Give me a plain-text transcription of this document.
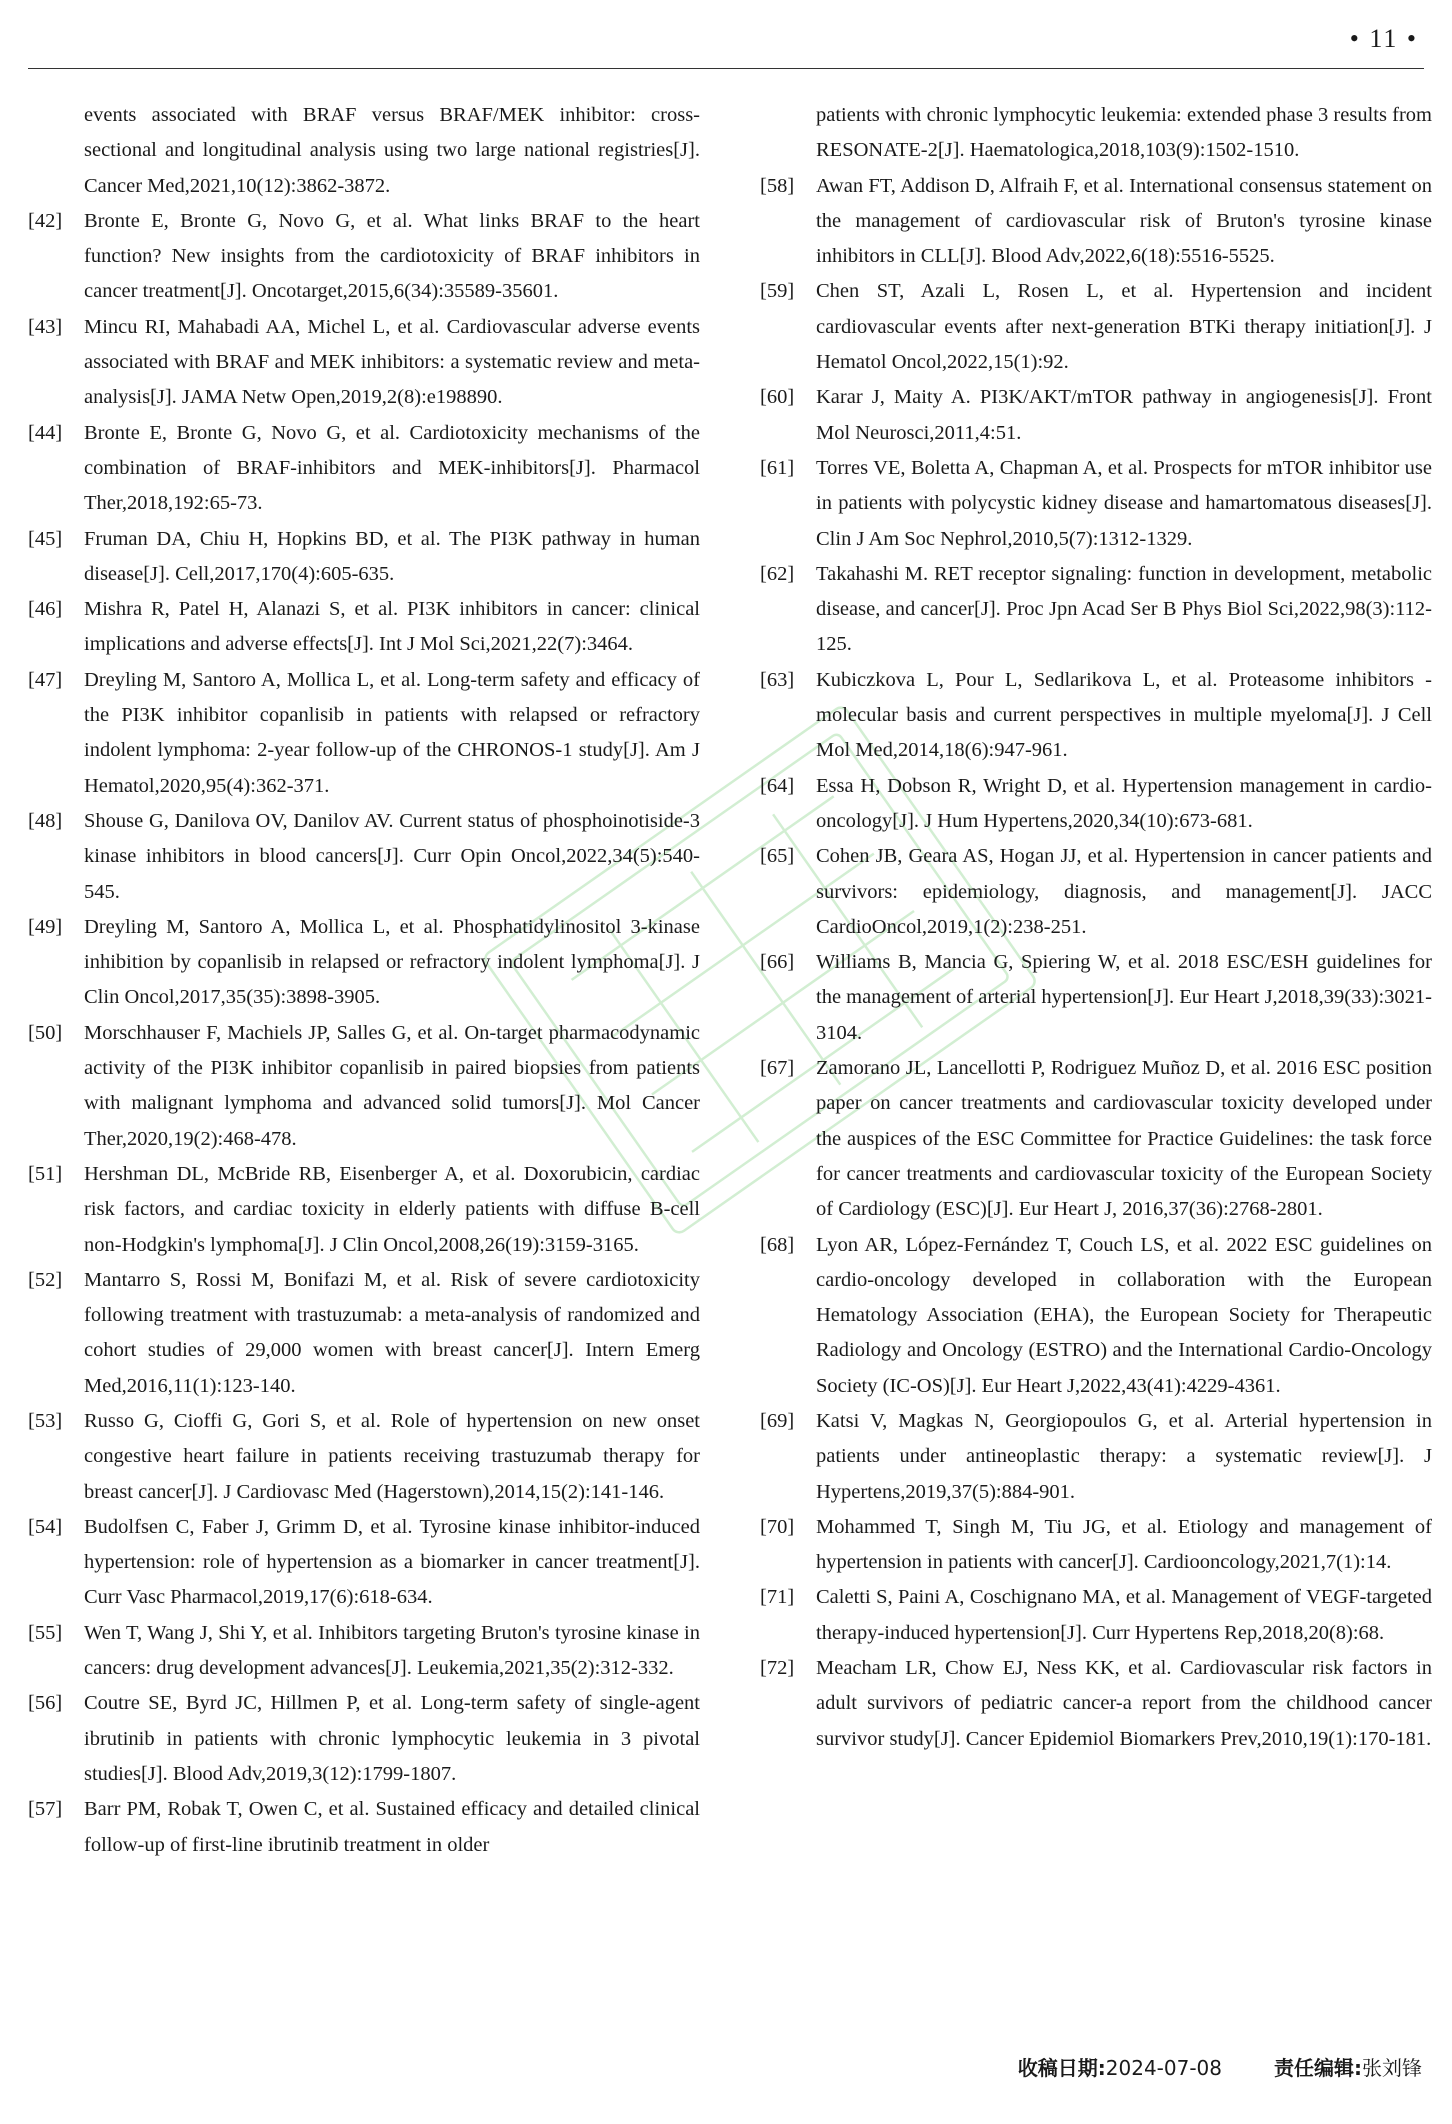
• 11 •
events associated with BRAF versus BRAF/MEK inhibitor: cross-sectional and longitudinal analysis using two large national registries[J]. Cancer Med,2021,10(12):3862-3872.
[42]	Bronte E, Bronte G, Novo G, et al. What links BRAF to the heart function? New insights from the cardiotoxicity of BRAF inhibitors in cancer treatment[J]. Oncotarget,2015,6(34):35589-35601.
[43]	Mincu RI, Mahabadi AA, Michel L, et al. Cardiovascular adverse events associated with BRAF and MEK inhibitors: a systematic review and meta-analysis[J]. JAMA Netw Open,2019,2(8):e198890.
[44]	Bronte E, Bronte G, Novo G, et al. Cardiotoxicity mechanisms of the combination of BRAF-inhibitors and MEK-inhibitors[J]. Pharmacol Ther,2018,192:65-73.
[45]	Fruman DA, Chiu H, Hopkins BD, et al. The PI3K pathway in human disease[J]. Cell,2017,170(4):605-635.
[46]	Mishra R, Patel H, Alanazi S, et al. PI3K inhibitors in cancer: clinical implications and adverse effects[J]. Int J Mol Sci,2021,22(7):3464.
[47]	Dreyling M, Santoro A, Mollica L, et al. Long-term safety and efficacy of the PI3K inhibitor copanlisib in patients with relapsed or refractory indolent lymphoma: 2-year follow-up of the CHRONOS-1 study[J]. Am J Hematol,2020,95(4):362-371.
[48]	Shouse G, Danilova OV, Danilov AV. Current status of phosphoinotiside-3 kinase inhibitors in blood cancers[J]. Curr Opin Oncol,2022,34(5):540-545.
[49]	Dreyling M, Santoro A, Mollica L, et al. Phosphatidylinositol 3-kinase inhibition by copanlisib in relapsed or refractory indolent lymphoma[J]. J Clin Oncol,2017,35(35):3898-3905.
[50]	Morschhauser F, Machiels JP, Salles G, et al. On-target pharmacodynamic activity of the PI3K inhibitor copanlisib in paired biopsies from patients with malignant lymphoma and advanced solid tumors[J]. Mol Cancer Ther,2020,19(2):468-478.
[51]	Hershman DL, McBride RB, Eisenberger A, et al. Doxorubicin, cardiac risk factors, and cardiac toxicity in elderly patients with diffuse B-cell non-Hodgkin's lymphoma[J]. J Clin Oncol,2008,26(19):3159-3165.
[52]	Mantarro S, Rossi M, Bonifazi M, et al. Risk of severe cardiotoxicity following treatment with trastuzumab: a meta-analysis of randomized and cohort studies of 29,000 women with breast cancer[J]. Intern Emerg Med,2016,11(1):123-140.
[53]	Russo G, Cioffi G, Gori S, et al. Role of hypertension on new onset congestive heart failure in patients receiving trastuzumab therapy for breast cancer[J]. J Cardiovasc Med (Hagerstown),2014,15(2):141-146.
[54]	Budolfsen C, Faber J, Grimm D, et al. Tyrosine kinase inhibitor-induced hypertension: role of hypertension as a biomarker in cancer treatment[J]. Curr Vasc Pharmacol,2019,17(6):618-634.
[55]	Wen T, Wang J, Shi Y, et al. Inhibitors targeting Bruton's tyrosine kinase in cancers: drug development advances[J]. Leukemia,2021,35(2):312-332.
[56]	Coutre SE, Byrd JC, Hillmen P, et al. Long-term safety of single-agent ibrutinib in patients with chronic lymphocytic leukemia in 3 pivotal studies[J]. Blood Adv,2019,3(12):1799-1807.
[57]	Barr PM, Robak T, Owen C, et al. Sustained efficacy and detailed clinical follow-up of first-line ibrutinib treatment in older
patients with chronic lymphocytic leukemia: extended phase 3 results from RESONATE-2[J]. Haematologica,2018,103(9):1502-1510.
[58]	Awan FT, Addison D, Alfraih F, et al. International consensus statement on the management of cardiovascular risk of Bruton's tyrosine kinase inhibitors in CLL[J]. Blood Adv,2022,6(18):5516-5525.
[59]	Chen ST, Azali L, Rosen L, et al. Hypertension and incident cardiovascular events after next-generation BTKi therapy initiation[J]. J Hematol Oncol,2022,15(1):92.
[60]	Karar J, Maity A. PI3K/AKT/mTOR pathway in angiogenesis[J]. Front Mol Neurosci,2011,4:51.
[61]	Torres VE, Boletta A, Chapman A, et al. Prospects for mTOR inhibitor use in patients with polycystic kidney disease and hamartomatous diseases[J]. Clin J Am Soc Nephrol,2010,5(7):1312-1329.
[62]	Takahashi M. RET receptor signaling: function in development, metabolic disease, and cancer[J]. Proc Jpn Acad Ser B Phys Biol Sci,2022,98(3):112-125.
[63]	Kubiczkova L, Pour L, Sedlarikova L, et al. Proteasome inhibitors - molecular basis and current perspectives in multiple myeloma[J]. J Cell Mol Med,2014,18(6):947-961.
[64]	Essa H, Dobson R, Wright D, et al. Hypertension management in cardio-oncology[J]. J Hum Hypertens,2020,34(10):673-681.
[65]	Cohen JB, Geara AS, Hogan JJ, et al. Hypertension in cancer patients and survivors: epidemiology, diagnosis, and management[J]. JACC CardioOncol,2019,1(2):238-251.
[66]	Williams B, Mancia G, Spiering W, et al. 2018 ESC/ESH guidelines for the management of arterial hypertension[J]. Eur Heart J,2018,39(33):3021-3104.
[67]	Zamorano JL, Lancellotti P, Rodriguez Muñoz D, et al. 2016 ESC position paper on cancer treatments and cardiovascular toxicity developed under the auspices of the ESC Committee for Practice Guidelines: the task force for cancer treatments and cardiovascular toxicity of the European Society of Cardiology (ESC)[J]. Eur Heart J, 2016,37(36):2768-2801.
[68]	Lyon AR, López-Fernández T, Couch LS, et al. 2022 ESC guidelines on cardio-oncology developed in collaboration with the European Hematology Association (EHA), the European Society for Therapeutic Radiology and Oncology (ESTRO) and the International Cardio-Oncology Society (IC-OS)[J]. Eur Heart J,2022,43(41):4229-4361.
[69]	Katsi V, Magkas N, Georgiopoulos G, et al. Arterial hypertension in patients under antineoplastic therapy: a systematic review[J]. J Hypertens,2019,37(5):884-901.
[70]	Mohammed T, Singh M, Tiu JG, et al. Etiology and management of hypertension in patients with cancer[J]. Cardiooncology,2021,7(1):14.
[71]	Caletti S, Paini A, Coschignano MA, et al. Management of VEGF-targeted therapy-induced hypertension[J]. Curr Hypertens Rep,2018,20(8):68.
[72]	Meacham LR, Chow EJ, Ness KK, et al. Cardiovascular risk factors in adult survivors of pediatric cancer-a report from the childhood cancer survivor study[J]. Cancer Epidemiol Biomarkers Prev,2010,19(1):170-181.
收稿日期:2024-07-08	责任编辑:张刘锋
